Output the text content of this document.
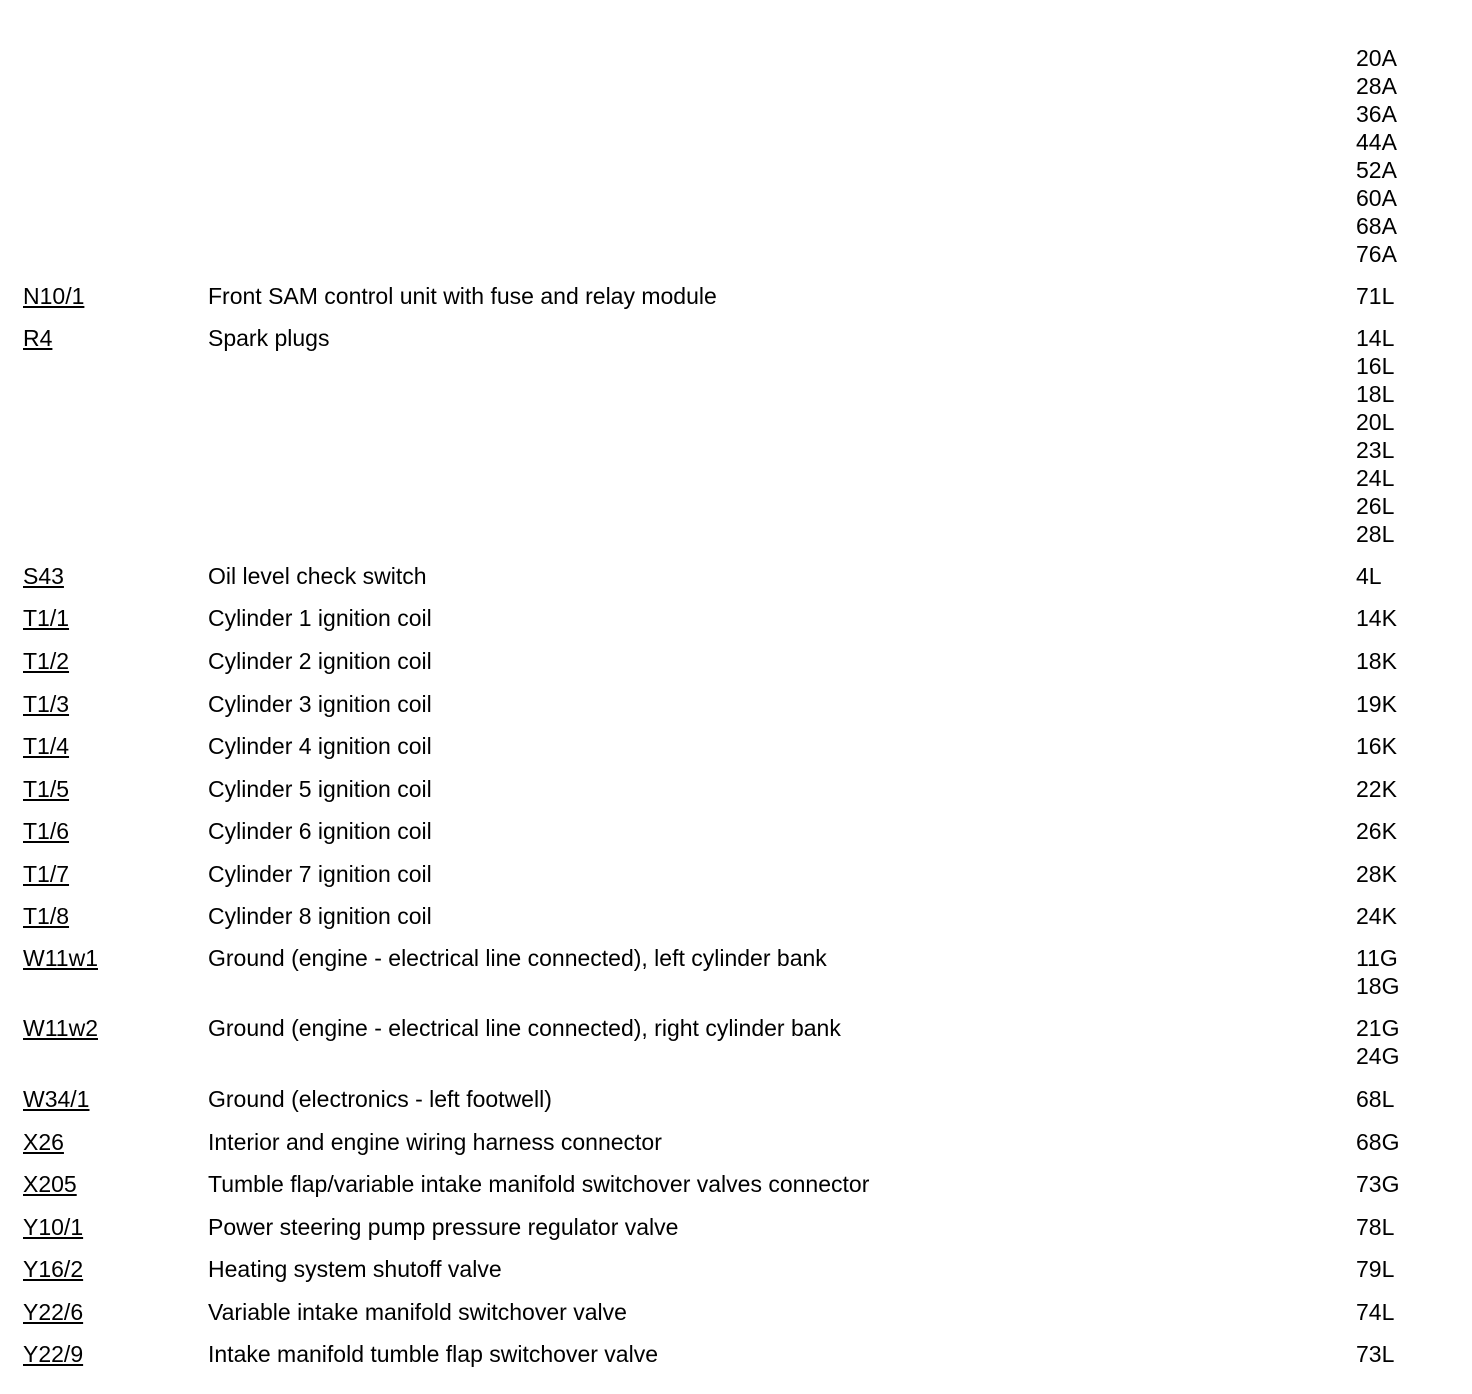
20A
28A
36A
44A
52A
60A
68A
76A
N10/1	Front SAM control unit with fuse and relay module	71L
R4	Spark plugs	14L
16L
18L
20L
23L
24L
26L
28L
S43	Oil level check switch	4L
T1/1	Cylinder 1 ignition coil	14K
T1/2	Cylinder 2 ignition coil	18K
T1/3	Cylinder 3 ignition coil	19K
T1/4	Cylinder 4 ignition coil	16K
T1/5	Cylinder 5 ignition coil	22K
T1/6	Cylinder 6 ignition coil	26K
T1/7	Cylinder 7 ignition coil	28K
T1/8	Cylinder 8 ignition coil	24K
W11w1	Ground (engine - electrical line connected), left cylinder bank	11G
18G
W11w2	Ground (engine - electrical line connected), right cylinder bank	21G
24G
W34/1	Ground (electronics - left footwell)	68L
X26	Interior and engine wiring harness connector	68G
X205	Tumble flap/variable intake manifold switchover valves connector	73G
Y10/1	Power steering pump pressure regulator valve	78L
Y16/2	Heating system shutoff valve	79L
Y22/6	Variable intake manifold switchover valve	74L
Y22/9	Intake manifold tumble flap switchover valve	73L
